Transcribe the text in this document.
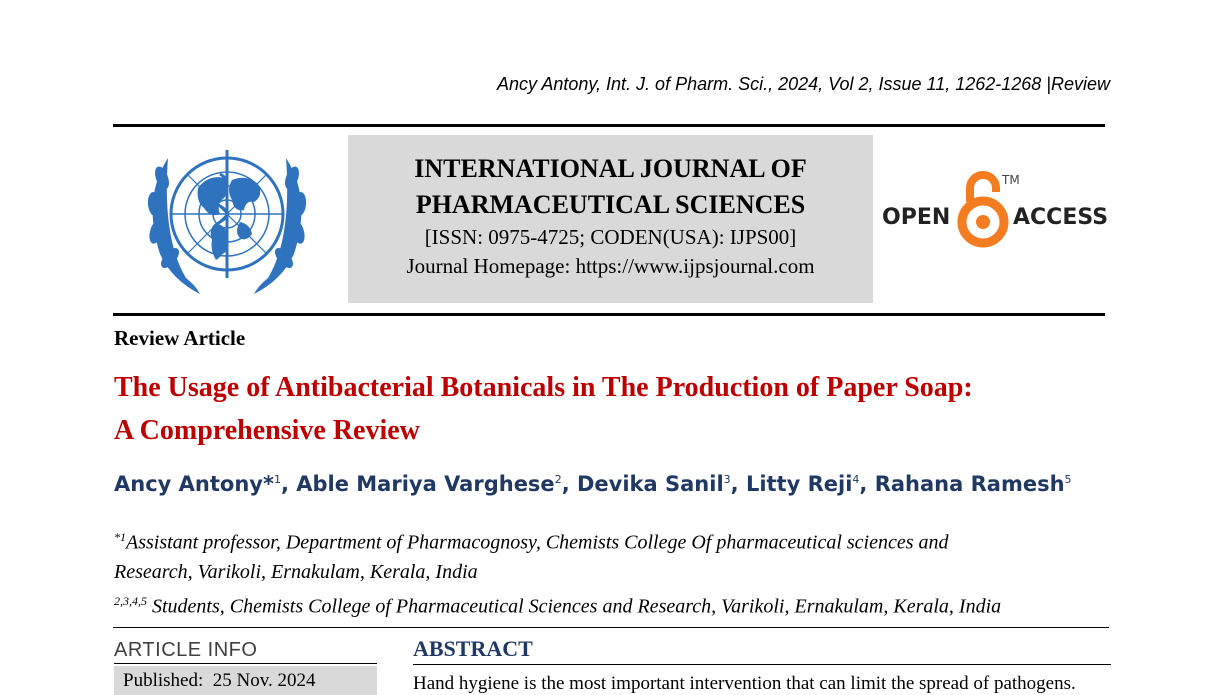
Ancy Antony, Int. J. of Pharm. Sci., 2024, Vol 2, Issue 11, 1262-1268 |Review
INTERNATIONAL JOURNAL OF
PHARMACEUTICAL SCIENCES
[ISSN: 0975-4725; CODEN(USA): IJPS00]
Journal Homepage: https://www.ijpsjournal.com
OPEN	ACCESS
TM
Review Article
The Usage of Antibacterial Botanicals in The Production of Paper Soap:
A Comprehensive Review
Ancy Antony*$^1$, Able Mariya Varghese$^2$, Devika Sanil$^3$, Litty Reji$^4$, Rahana Ramesh$^5$
$^{*1}$Assistant professor, Department of Pharmacognosy, Chemists College Of pharmaceutical sciences and
Research, Varikoli, Ernakulam, Kerala, India
$^{2,3,4,5}$ Students, Chemists College of Pharmaceutical Sciences and Research, Varikoli, Ernakulam, Kerala, India
ARTICLE INFO
Published: 25 Nov. 2024
ABSTRACT
Hand hygiene is the most important intervention that can limit the spread of pathogens.
